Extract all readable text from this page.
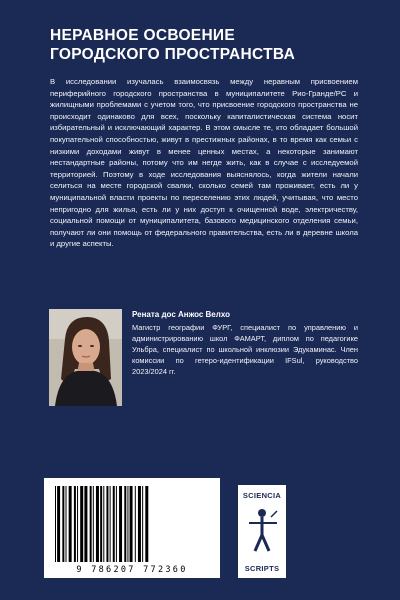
НЕРАВНОЕ ОСВОЕНИЕ
ГОРОДСКОГО ПРОСТРАНСТВА

В исследовании изучалась взаимосвязь между неравным присвоением периферийного городского пространства в муниципалитете Рио-Гранде/РС и жилищными проблемами с учетом того, что присвоение городского пространства не происходит одинаково для всех, поскольку капиталистическая система носит избирательный и исключающий характер. В этом смысле те, кто обладает большой покупательной способностью, живут в престижных районах, в то время как семьи с низкими доходами живут в менее ценных местах, а некоторые занимают нестандартные районы, потому что им негде жить, как в случае с исследуемой территорией. Поэтому в ходе исследования выяснялось, когда жители начали селиться на месте городской свалки, сколько семей там проживает, есть ли у муниципальной власти проекты по переселению этих людей, учитывая, что место непригодно для жилья, есть ли у них доступ к очищенной воде, электричеству, социальной помощи от муниципалитета, базового медицинского отделения семьи, получают ли они помощь от федерального правительства, есть ли в деревне школа и другие аспекты.

Рената дос Анжос Велхо
Магистр географии ФУРГ, специалист по управлению и администрированию школ ФАМАРТ, диплом по педагогике Ульбра, специалист по школьной инклюзии Эдукаминас. Член комиссии по гетеро-идентификации IFSul, руководство 2023/2024 гг.
9 786207 772360
SCIENCIA
SCRIPTS
